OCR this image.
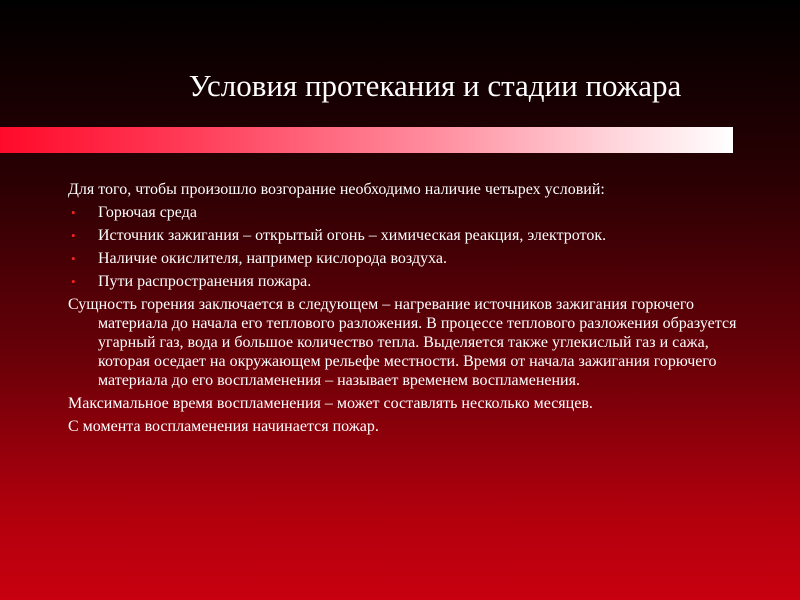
Условия протекания и стадии пожара

Для того, чтобы произошло возгорание необходимо наличие четырех условий:

• Горючая среда
• Источник зажигания – открытый огонь – химическая реакция, электроток.
• Наличие окислителя, например кислорода воздуха.
• Пути распространения пожара.

Сущность горения заключается в следующем – нагревание источников зажигания горючего материала до начала его теплового разложения. В процессе теплового разложения образуется угарный газ, вода и большое количество тепла. Выделяется также углекислый газ и сажа, которая оседает на окружающем рельефе местности. Время от начала зажигания горючего материала до его воспламенения – называет временем воспламенения.

Максимальное время воспламенения – может составлять несколько месяцев.

С момента воспламенения начинается пожар.
